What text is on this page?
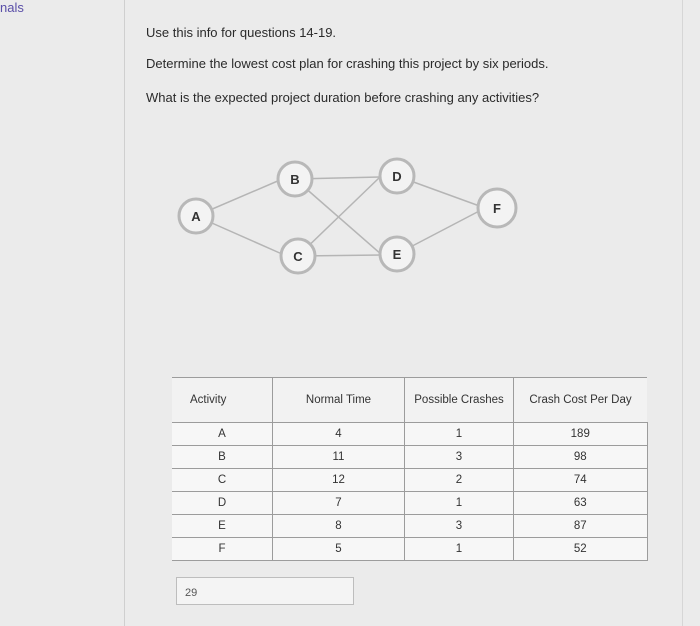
nals
Use this info for questions 14-19.
Determine the lowest cost plan for crashing this project by six periods.
What is the expected project duration before crashing any activities?
A
B
C
D
E
F
Activity	Normal Time	Possible Crashes	Crash Cost Per Day
A	4	1	189
B	11	3	98
C	12	2	74
D	7	1	63
E	8	3	87
F	5	1	52
29
